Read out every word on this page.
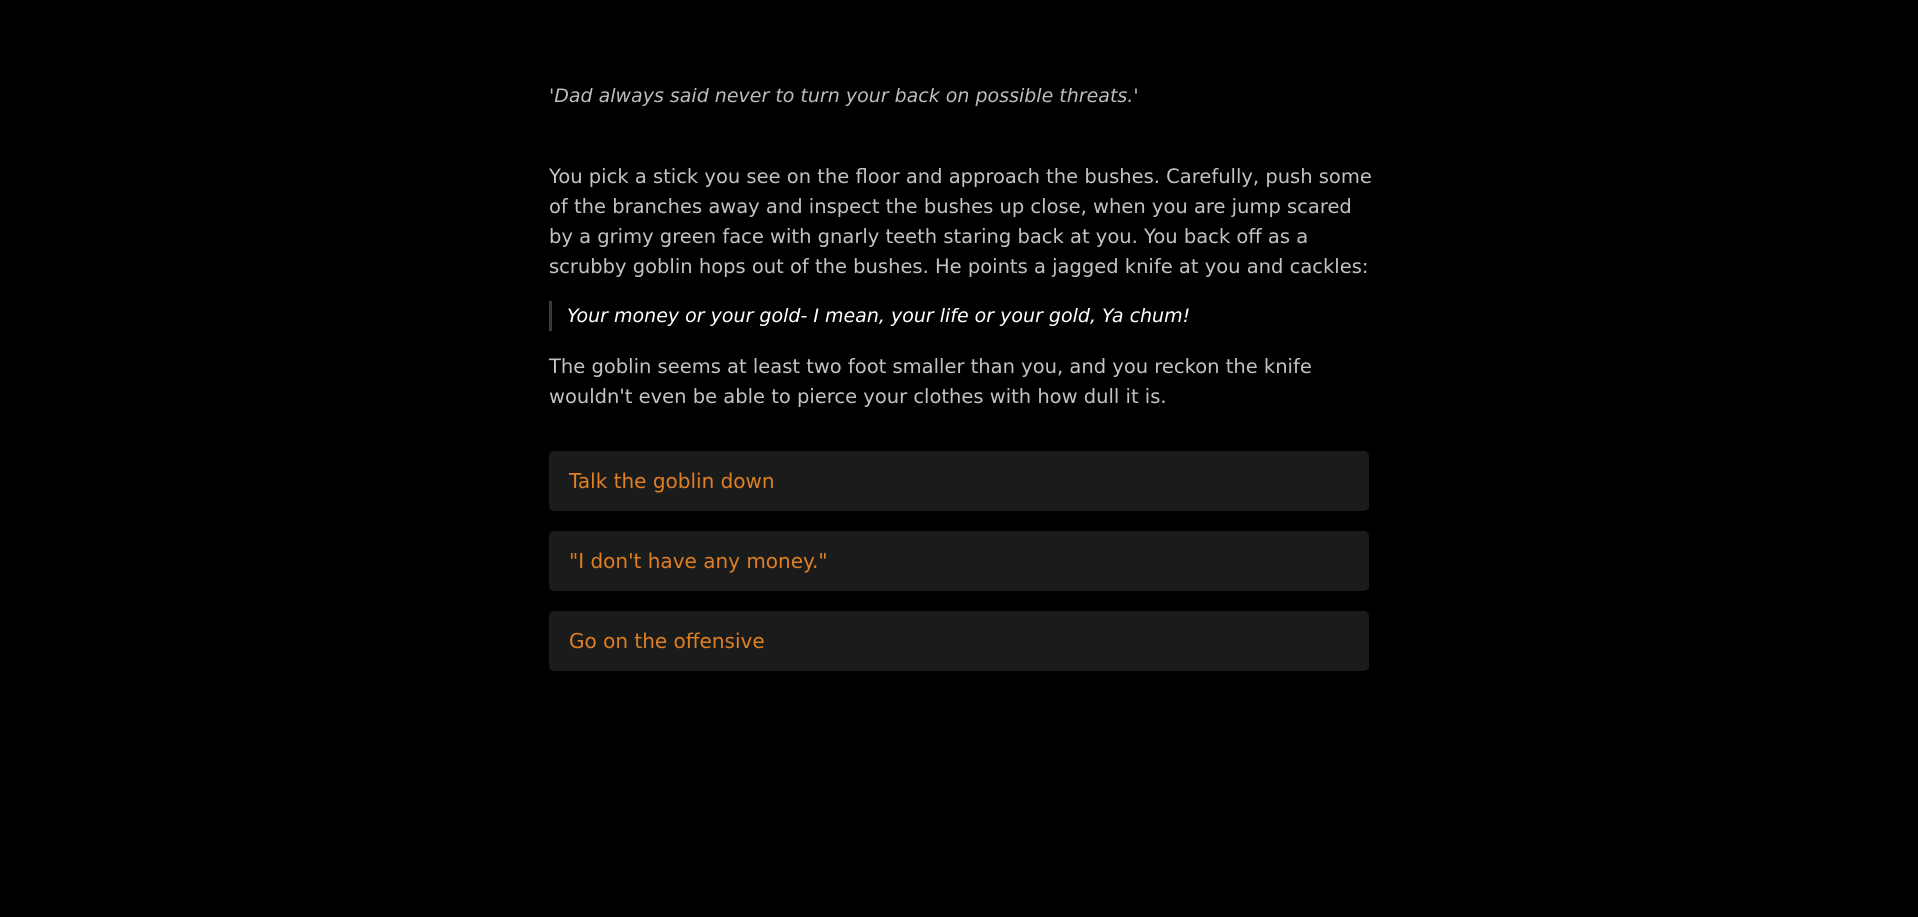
'Dad always said never to turn your back on possible threats.'
You pick a stick you see on the floor and approach the bushes. Carefully, push some of the branches away and inspect the bushes up close, when you are jump scared by a grimy green face with gnarly teeth staring back at you. You back off as a scrubby goblin hops out of the bushes. He points a jagged knife at you and cackles:
Your money or your gold- I mean, your life or your gold, Ya chum!
The goblin seems at least two foot smaller than you, and you reckon the knife wouldn't even be able to pierce your clothes with how dull it is.
Talk the goblin down
"I don't have any money."
Go on the offensive
